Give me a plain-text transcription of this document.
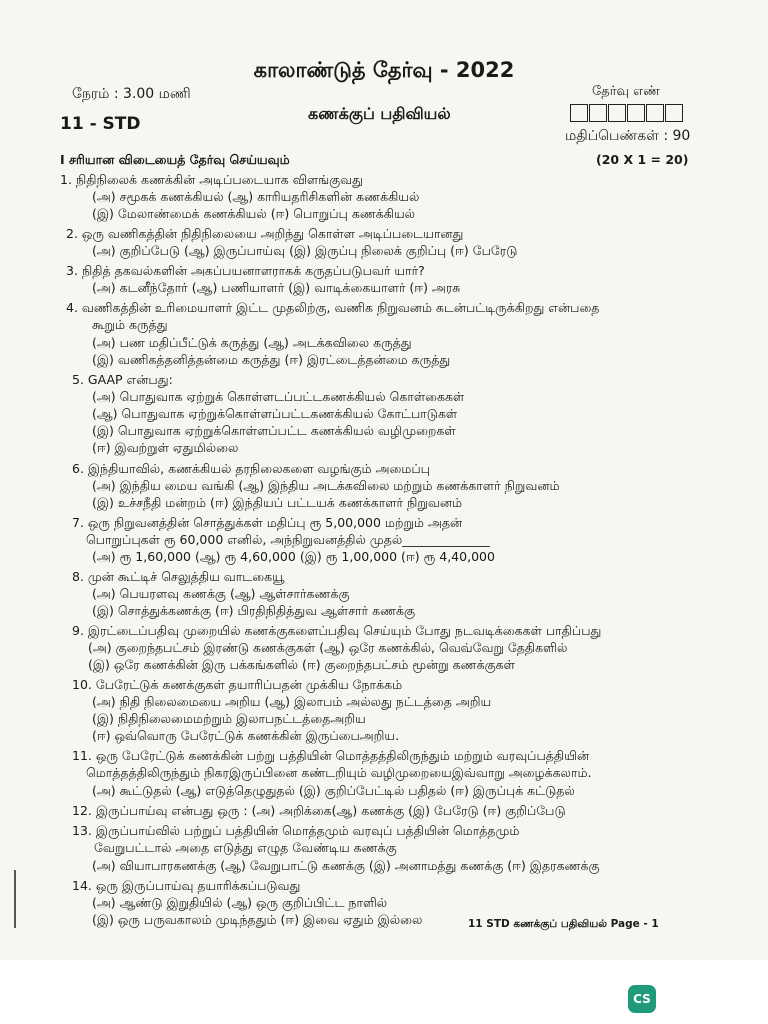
காலாண்டுத் தேர்வு - 2022
நேரம் : 3.00 மணி	தேர்வு எண்
கணக்குப் பதிவியல்
11 - STD
மதிப்பெண்கள் : 90
I சரியான விடையைத் தேர்வு செய்யவும்	(20 X 1 = 20)
1. நிதிநிலைக் கணக்கின் அடிப்படையாக விளங்குவது
(அ) சமூகக் கணக்கியல் (ஆ) காரியதரிசிகளின் கணக்கியல்
(இ) மேலாண்மைக் கணக்கியல் (ஈ) பொறுப்பு கணக்கியல்
2. ஒரு வணிகத்தின் நிதிநிலையை அறிந்து கொள்ள அடிப்படையானது
(அ) குறிப்பேடு (ஆ) இருப்பாய்வு (இ) இருப்பு நிலைக் குறிப்பு (ஈ) பேரேடு
3. நிதித் தகவல்களின் அகப்பயனாளராகக் கருதப்படுபவர் யார்?
(அ) கடனீந்தோர் (ஆ) பணியாளர் (இ) வாடிக்கையாளர் (ஈ) அரசு
4. வணிகத்தின் உரிமையாளர் இட்ட முதலிற்கு, வணிக நிறுவனம் கடன்பட்டிருக்கிறது என்பதை
கூறும் கருத்து
(அ) பண மதிப்பீட்டுக் கருத்து (ஆ) அடக்கவிலை கருத்து
(இ) வணிகத்தனித்தன்மை கருத்து (ஈ) இரட்டைத்தன்மை கருத்து
5. GAAP என்பது:
(அ) பொதுவாக ஏற்றுக் கொள்ளடப்பட்டகணக்கியல் கொள்கைகள்
(ஆ) பொதுவாக ஏற்றுக்கொள்ளப்பட்டகணக்கியல் கோட்பாடுகள்
(இ) பொதுவாக ஏற்றுக்கொள்ளப்பட்ட கணக்கியல் வழிமுறைகள்
(ஈ) இவற்றுள் ஏதுமில்லை
6. இந்தியாவில், கணக்கியல் தரநிலைகளை வழங்கும் அமைப்பு
(அ) இந்திய மைய வங்கி (ஆ) இந்திய அடக்கவிலை மற்றும் கணக்காளர் நிறுவனம்
(இ) உச்சநீதி மன்றம் (ஈ) இந்தியப் பட்டயக் கணக்காளர் நிறுவனம்
7. ஒரு நிறுவனத்தின் சொத்துக்கள் மதிப்பு ரூ 5,00,000 மற்றும் அதன்
பொறுப்புகள் ரூ 60,000 எனில், அந்நிறுவனத்தில் முதல்______________
(அ) ரூ 1,60,000 (ஆ) ரூ 4,60,000 (இ) ரூ 1,00,000 (ஈ) ரூ 4,40,000
8. முன் கூட்டிச் செலுத்திய வாடகையூ
(அ) பெயரளவு கணக்கு (ஆ) ஆள்சார்கணக்கு
(இ) சொத்துக்கணக்கு (ஈ) பிரதிநிதித்துவ ஆள்சார் கணக்கு
9. இரட்டைப்பதிவு முறையில் கணக்குகளைப்பதிவு செய்யும் போது நடவடிக்கைகள் பாதிப்பது
(அ) குறைந்தபட்சம் இரண்டு கணக்குகள் (ஆ) ஒரே கணக்கில், வெவ்வேறு தேதிகளில்
(இ) ஒரே கணக்கின் இரு பக்கங்களில் (ஈ) குறைந்தபட்சம் மூன்று கணக்குகள்
10. பேரேட்டுக் கணக்குகள் தயாரிப்பதன் முக்கிய நோக்கம்
(அ) நிதி நிலைமையை அறிய (ஆ) இலாபம் அல்லது நட்டத்தை அறிய
(இ) நிதிநிலைமைமற்றும் இலாபநட்டத்தைஅறிய
(ஈ) ஒவ்வொரு பேரேட்டுக் கணக்கின் இருப்பைஅறிய.
11. ஒரு பேரேட்டுக் கணக்கின் பற்று பத்தியின் மொத்தத்திலிருந்தும் மற்றும் வரவுப்பத்தியின்
மொத்தத்திலிருந்தும் நிகரஇருப்பினை கண்டறியும் வழிமுறையைஇவ்வாறு அழைக்கலாம்.
(அ) கூட்டுதல் (ஆ) எடுத்தெழுதுதல் (இ) குறிப்பேட்டில் பதிதல் (ஈ) இருப்புக் கட்டுதல்
12. இருப்பாய்வு என்பது ஒரு : (அ) அறிக்கை(ஆ) கணக்கு (இ) பேரேடு (ஈ) குறிப்பேடு
13. இருப்பாய்வில் பற்றுப் பத்தியின் மொத்தமும் வரவுப் பத்தியின் மொத்தமும்
வேறுபட்டால் அதை எடுத்து எழுத வேண்டிய கணக்கு
(அ) வியாபாரகணக்கு (ஆ) வேறுபாட்டு கணக்கு (இ) அனாமத்து கணக்கு (ஈ) இதரகணக்கு
14. ஒரு இருப்பாய்வு தயாரிக்கப்படுவது
(அ) ஆண்டு இறுதியில் (ஆ) ஒரு குறிப்பிட்ட நாளில்
(இ) ஒரு பருவகாலம் முடிந்ததும் (ஈ) இவை ஏதும் இல்லை	11 STD கணக்குப் பதிவியல் Page - 1
CS
